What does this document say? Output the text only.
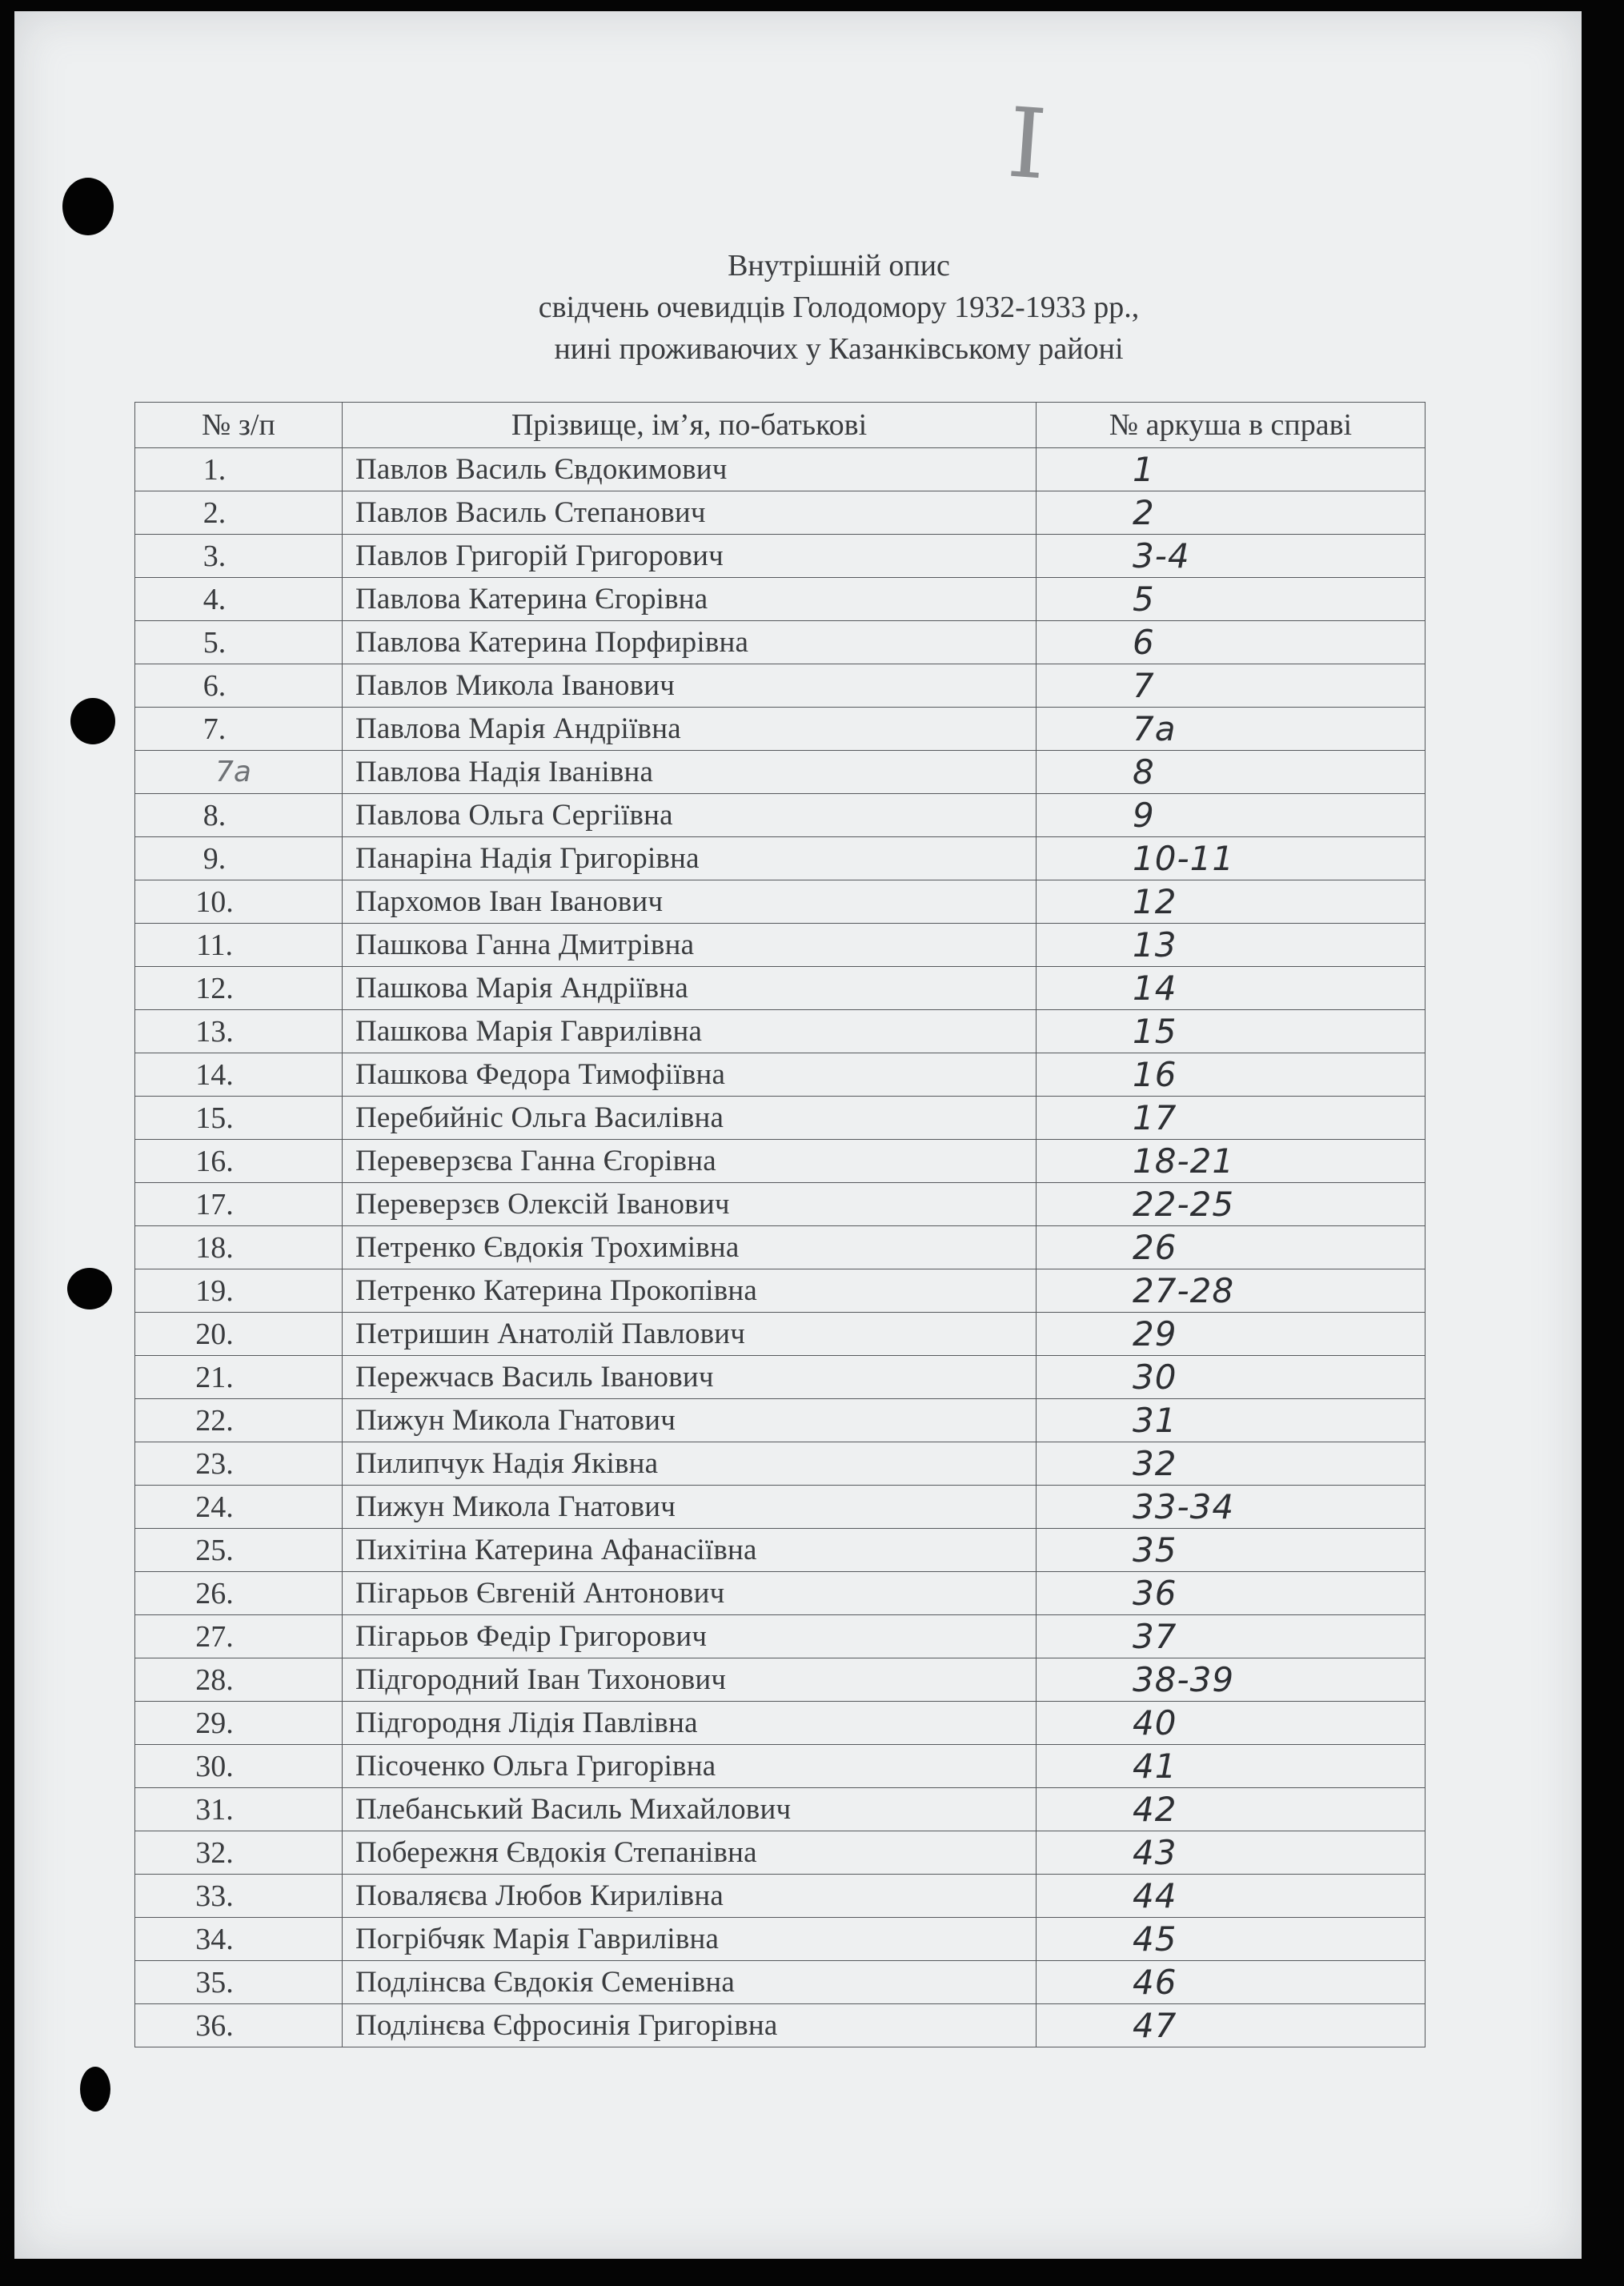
I
Внутрішній опис
свідчень очевидців Голодомору 1932-1933 рр.,
нині проживаючих у Казанківському районі
№ з/п	Прізвище, ім’я, по-батькові	№ аркуша в справі
1.	Павлов Василь Євдокимович	1
2.	Павлов Василь Степанович	2
3.	Павлов Григорій Григорович	3-4
4.	Павлова Катерина Єгорівна	5
5.	Павлова Катерина Порфирівна	6
6.	Павлов Микола Іванович	7
7.	Павлова Марія Андріївна	7а
7а	Павлова Надія Іванівна	8
8.	Павлова Ольга Сергіївна	9
9.	Панаріна Надія Григорівна	10-11
10.	Пархомов Іван Іванович	12
11.	Пашкова Ганна Дмитрівна	13
12.	Пашкова Марія Андріївна	14
13.	Пашкова Марія Гаврилівна	15
14.	Пашкова Федора Тимофіївна	16
15.	Перебийніс Ольга Василівна	17
16.	Переверзєва Ганна Єгорівна	18-21
17.	Переверзєв Олексій Іванович	22-25
18.	Петренко Євдокія Трохимівна	26
19.	Петренко Катерина Прокопівна	27-28
20.	Петришин Анатолій Павлович	29
21.	Пережчасв Василь Іванович	30
22.	Пижун Микола Гнатович	31
23.	Пилипчук Надія Яківна	32
24.	Пижун Микола Гнатович	33-34
25.	Пихітіна Катерина Афанасіївна	35
26.	Пігарьов Євгеній Антонович	36
27.	Пігарьов Федір Григорович	37
28.	Підгородний Іван Тихонович	38-39
29.	Підгородня Лідія Павлівна	40
30.	Пісоченко Ольга Григорівна	41
31.	Плебанський Василь Михайлович	42
32.	Побережня Євдокія Степанівна	43
33.	Поваляєва Любов Кирилівна	44
34.	Погрібчяк Марія Гаврилівна	45
35.	Подлінсва Євдокія Семенівна	46
36.	Подлінєва Єфросинія Григорівна	47
